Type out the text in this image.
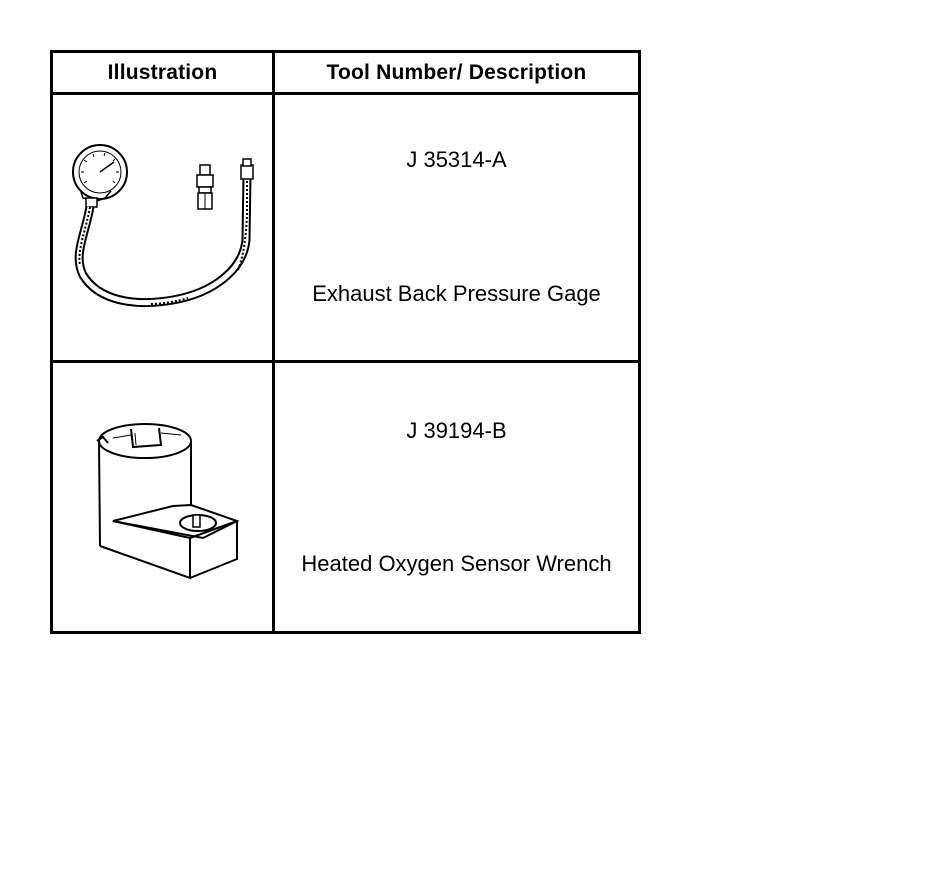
Illustration	Tool Number/ Description
J 35314-A
Exhaust Back Pressure Gage
J 39194-B
Heated Oxygen Sensor Wrench
